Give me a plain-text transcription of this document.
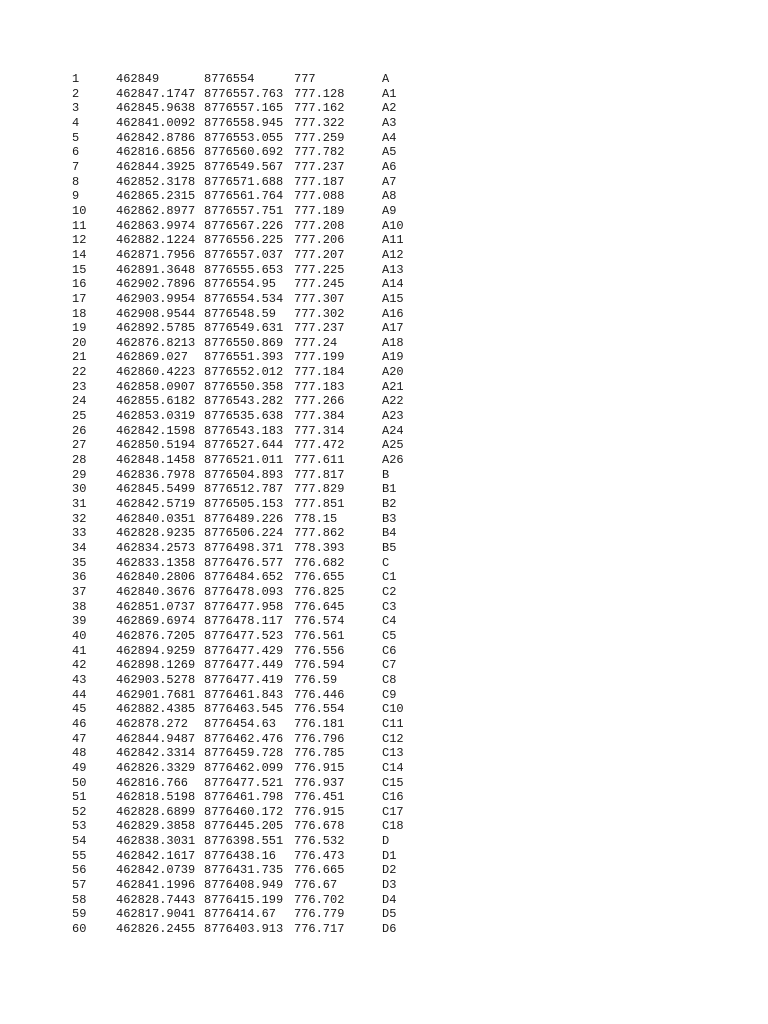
1	462849	8776554	777	A
2	462847.1747 8776557.763 777.128	A1
3	462845.9638 8776557.165 777.162	A2
4	462841.0092 8776558.945 777.322	A3
5	462842.8786 8776553.055 777.259	A4
6	462816.6856 8776560.692 777.782	A5
7	462844.3925 8776549.567 777.237	A6
8	462852.3178 8776571.688 777.187	A7
9	462865.2315 8776561.764 777.088	A8
10 462862.8977 8776557.751 777.189	A9
11 462863.9974 8776567.226 777.208	A10
12 462882.1224 8776556.225 777.206	A11
14 462871.7956 8776557.037 777.207	A12
15 462891.3648 8776555.653 777.225	A13
16 462902.7896 8776554.95 777.245	A14
17 462903.9954 8776554.534 777.307	A15
18 462908.9544 8776548.59 777.302	A16
19 462892.5785 8776549.631 777.237	A17
20 462876.8213 8776550.869 777.24	A18
21 462869.027 8776551.393 777.199	A19
22 462860.4223 8776552.012 777.184	A20
23 462858.0907 8776550.358 777.183	A21
24 462855.6182 8776543.282 777.266	A22
25 462853.0319 8776535.638 777.384	A23
26 462842.1598 8776543.183 777.314	A24
27 462850.5194 8776527.644 777.472	A25
28 462848.1458 8776521.011 777.611	A26
29 462836.7978 8776504.893 777.817	B
30 462845.5499 8776512.787 777.829	B1
31 462842.5719 8776505.153 777.851	B2
32 462840.0351 8776489.226 778.15	B3
33 462828.9235 8776506.224 777.862	B4
34 462834.2573 8776498.371 778.393	B5
35 462833.1358 8776476.577 776.682	C
36 462840.2806 8776484.652 776.655	C1
37 462840.3676 8776478.093 776.825	C2
38 462851.0737 8776477.958 776.645	C3
39 462869.6974 8776478.117 776.574	C4
40 462876.7205 8776477.523 776.561	C5
41 462894.9259 8776477.429 776.556	C6
42 462898.1269 8776477.449 776.594	C7
43 462903.5278 8776477.419 776.59	C8
44 462901.7681 8776461.843 776.446	C9
45 462882.4385 8776463.545 776.554	C10
46 462878.272 8776454.63 776.181	C11
47 462844.9487 8776462.476 776.796	C12
48 462842.3314 8776459.728 776.785	C13
49 462826.3329 8776462.099 776.915	C14
50 462816.766 8776477.521 776.937	C15
51 462818.5198 8776461.798 776.451	C16
52 462828.6899 8776460.172 776.915	C17
53 462829.3858 8776445.205 776.678	C18
54 462838.3031 8776398.551 776.532	D
55 462842.1617 8776438.16 776.473	D1
56 462842.0739 8776431.735 776.665	D2
57 462841.1996 8776408.949 776.67	D3
58 462828.7443 8776415.199 776.702	D4
59 462817.9041 8776414.67 776.779	D5
60 462826.2455 8776403.913 776.717	D6
